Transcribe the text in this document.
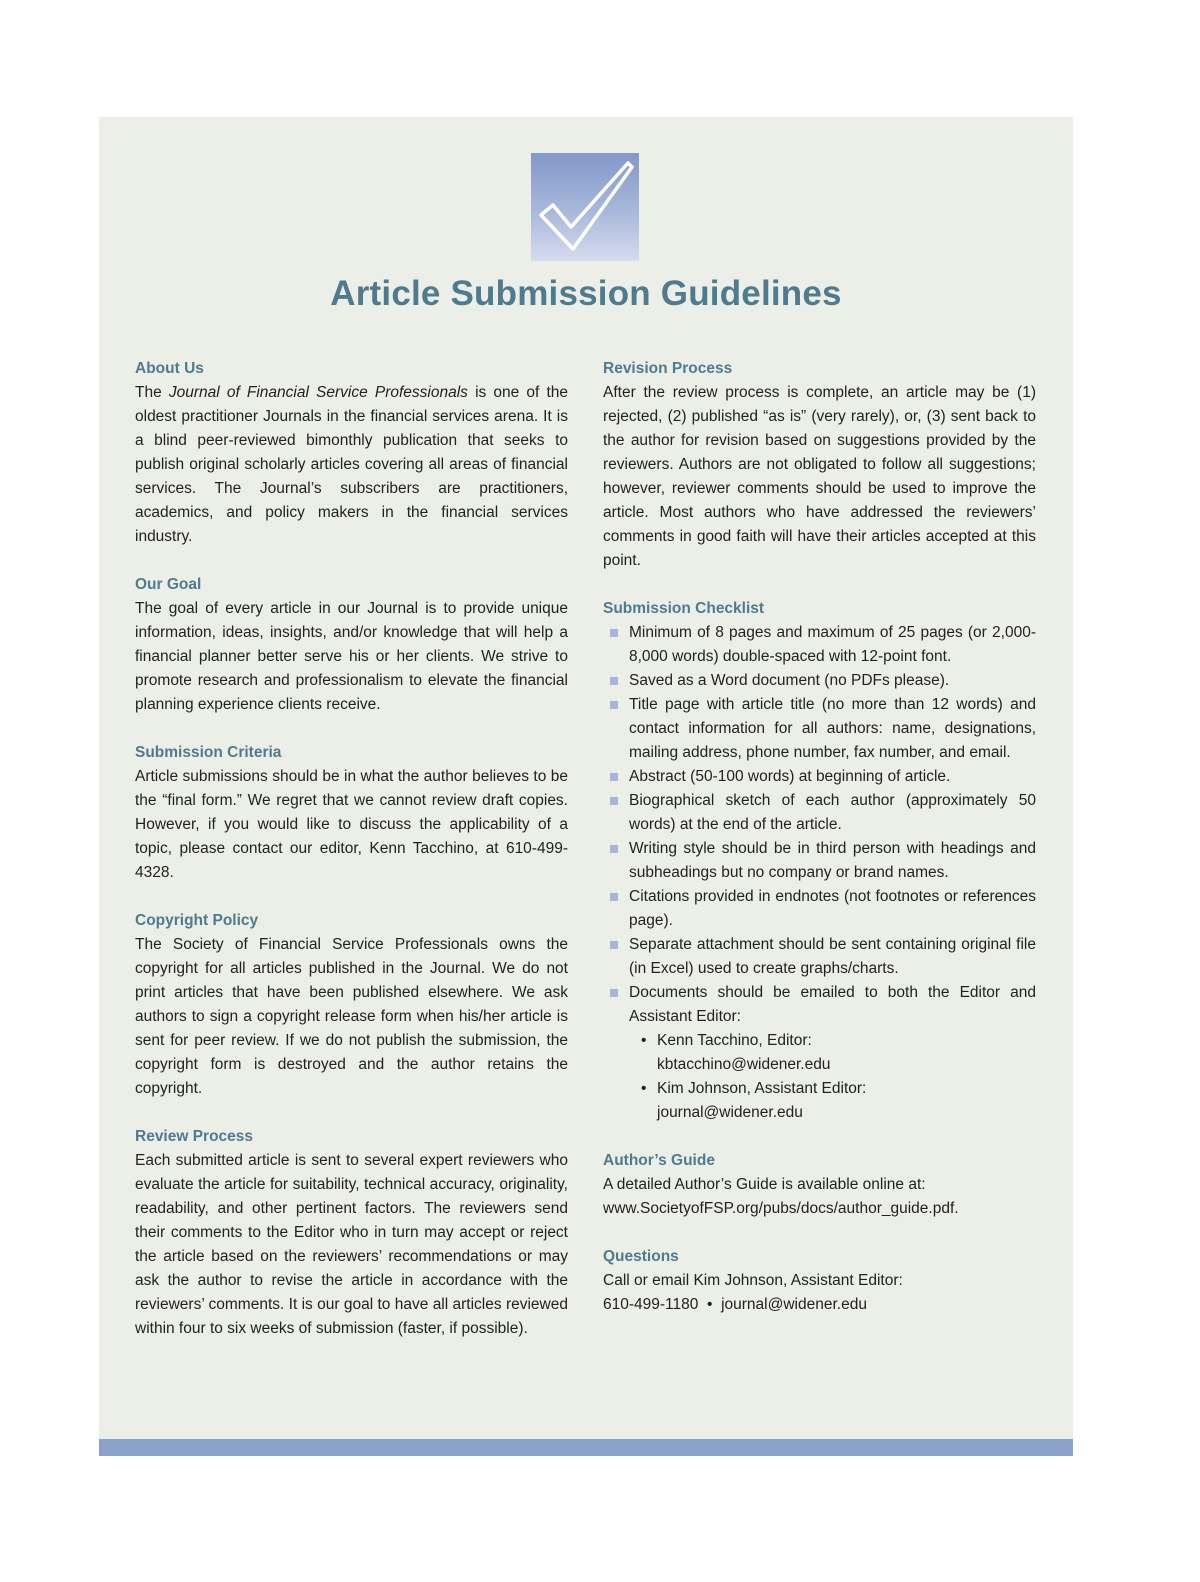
Article Submission Guidelines
About Us

The Journal of Financial Service Professionals is one of the oldest practitioner Journals in the financial services arena. It is a blind peer-reviewed bimonthly publication that seeks to publish original scholarly articles covering all areas of financial services. The Journal’s subscribers are practitioners, academics, and policy makers in the financial services industry.

Our Goal

The goal of every article in our Journal is to provide unique information, ideas, insights, and/or knowledge that will help a financial planner better serve his or her clients. We strive to promote research and professionalism to elevate the financial planning experience clients receive.

Submission Criteria

Article submissions should be in what the author believes to be the “final form.” We regret that we cannot review draft copies. However, if you would like to discuss the applicability of a topic, please contact our editor, Kenn Tacchino, at 610-499-4328.

Copyright Policy

The Society of Financial Service Professionals owns the copyright for all articles published in the Journal. We do not print articles that have been published elsewhere. We ask authors to sign a copyright release form when his/her article is sent for peer review. If we do not publish the submission, the copyright form is destroyed and the author retains the copyright.

Review Process

Each submitted article is sent to several expert reviewers who evaluate the article for suitability, technical accuracy, originality, readability, and other pertinent factors. The reviewers send their comments to the Editor who in turn may accept or reject the article based on the reviewers’ recommendations or may ask the author to revise the article in accordance with the reviewers’ comments. It is our goal to have all articles reviewed within four to six weeks of submission (faster, if possible).

Revision Process

After the review process is complete, an article may be (1) rejected, (2) published “as is” (very rarely), or, (3) sent back to the author for revision based on suggestions provided by the reviewers. Authors are not obligated to follow all suggestions; however, reviewer comments should be used to improve the article. Most authors who have addressed the reviewers’ comments in good faith will have their articles accepted at this point.

Submission Checklist
Minimum of 8 pages and maximum of 25 pages (or 2,000-8,000 words) double-spaced with 12-point font.
Saved as a Word document (no PDFs please).
Title page with article title (no more than 12 words) and contact information for all authors: name, designations, mailing address, phone number, fax number, and email.
Abstract (50-100 words) at beginning of article.
Biographical sketch of each author (approximately 50 words) at the end of the article.
Writing style should be in third person with headings and subheadings but no company or brand names.
Citations provided in endnotes (not footnotes or references page).
Separate attachment should be sent containing original file (in Excel) used to create graphs/charts.
Documents should be emailed to both the Editor and Assistant Editor:
• Kenn Tacchino, Editor:
kbtacchino@widener.edu
• Kim Johnson, Assistant Editor:
journal@widener.edu
Author’s Guide

A detailed Author’s Guide is available online at:
www.SocietyofFSP.org/pubs/docs/author_guide.pdf.

Questions

Call or email Kim Johnson, Assistant Editor:
610-499-1180 • journal@widener.edu
